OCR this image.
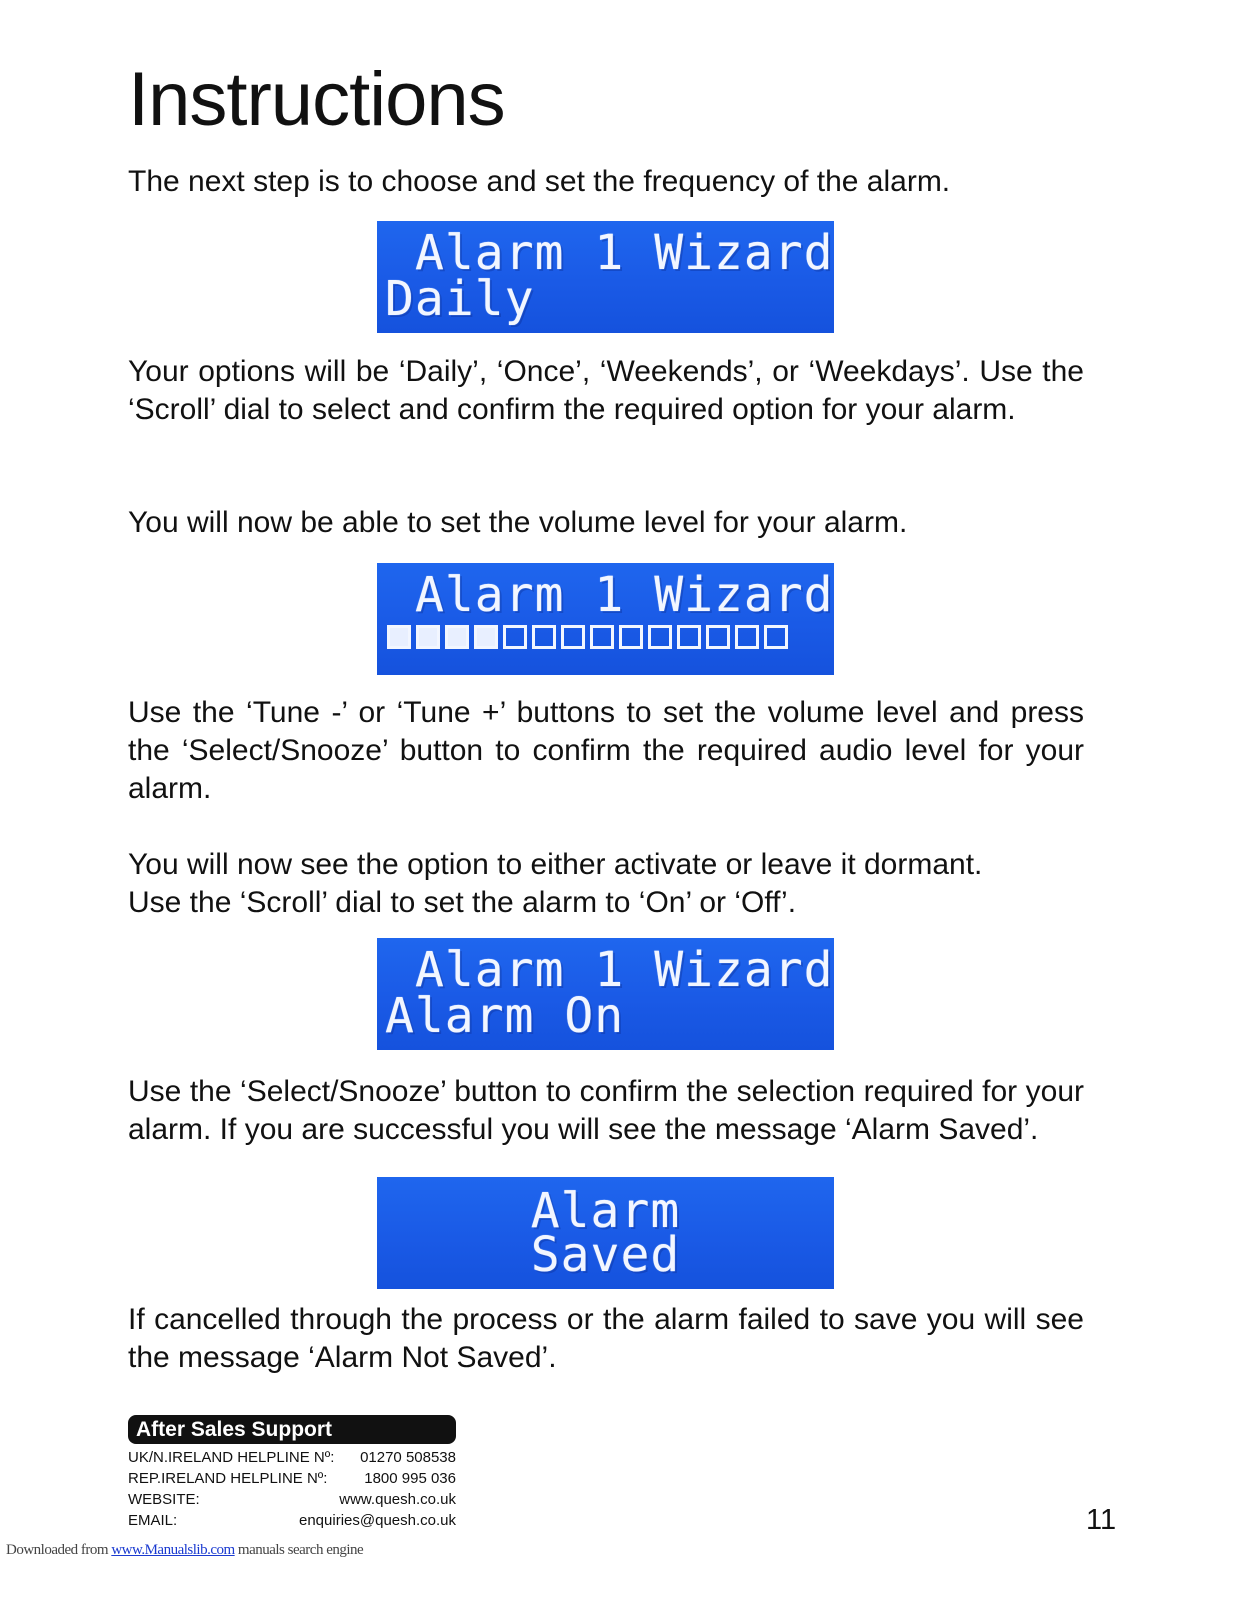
Instructions

The next step is to choose and set the frequency of the alarm.

Alarm 1 Wizard
Daily

Your options will be ‘Daily’, ‘Once’, ‘Weekends’, or ‘Weekdays’. Use the ‘Scroll’ dial to select and confirm the required option for your alarm.

You will now be able to set the volume level for your alarm.

Alarm 1 Wizard

Use the ‘Tune -’ or ‘Tune +’ buttons to set the volume level and press the ‘Select/Snooze’ button to confirm the required audio level for your alarm.

You will now see the option to either activate or leave it dormant.

Use the ‘Scroll’ dial to set the alarm to ‘On’ or ‘Off’.

Alarm 1 Wizard
Alarm On

Use the ‘Select/Snooze’ button to confirm the selection required for your alarm. If you are successful you will see the message ‘Alarm Saved’.

Alarm
Saved

If cancelled through the process or the alarm failed to save you will see the message ‘Alarm Not Saved’.

After Sales Support
UK/N.IRELAND HELPLINE Nº: 01270 508538
REP.IRELAND HELPLINE Nº: 1800 995 036
WEBSITE:	www.quesh.co.uk
EMAIL:	enquiries@quesh.co.uk	11
Downloaded from www.Manualslib.com manuals search engine
